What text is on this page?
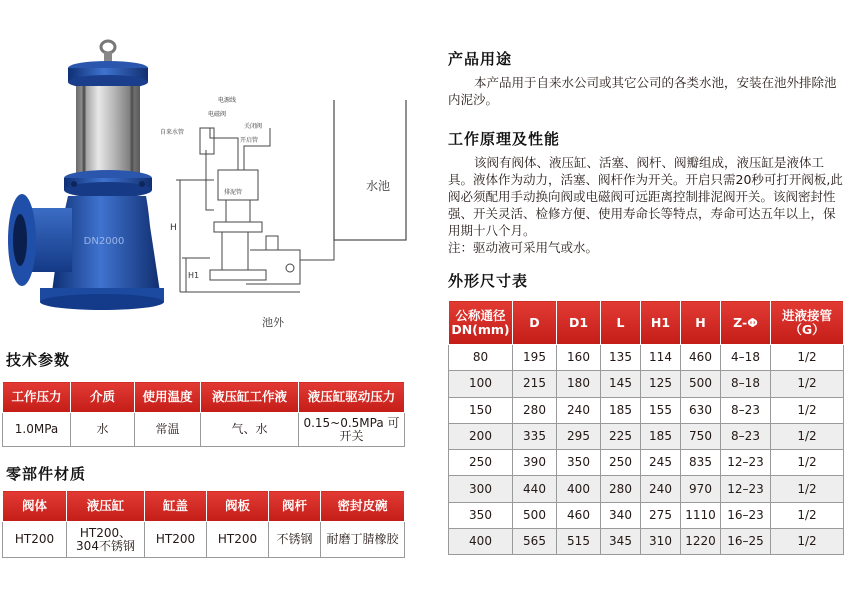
DN2000
电源线
电磁阀
关闭阀
自来水管
开启管
排泥管	水池
池外
H
H1
产品用途

本产品用于自来水公司或其它公司的各类水池，安装在池外排除池内泥沙。

工作原理及性能

该阀有阀体、液压缸、活塞、阀杆、阀瓣组成，液压缸是液体工具。液体作为动力，活塞、阀杆作为开关。开启只需20秒可打开阀板,此阀必须配用手动换向阀或电磁阀可远距离控制排泥阀开关。该阀密封性强、开关灵活、检修方便、使用寿命长等特点，寿命可达五年以上，保用期十八个月。

注：驱动液可采用气或水。
外形尺寸表
技术参数
工作压力	介质	使用温度	液压缸工作液	液压缸驱动压力
1.0MPa	水	常温	气、水	0.15~0.5MPa 可开关
零部件材质
阀体	液压缸	缸盖	阀板	阀杆	密封皮碗
HT200	HT200、304不锈钢	HT200	HT200	不锈钢	耐磨丁腈橡胶
公称通径DN(mm)	D	D1	L	H1	H	Z-Φ	进液接管（G）
80	195	160	135	114	460	4–18	1/2
100	215	180	145	125	500	8–18	1/2
150	280	240	185	155	630	8–23	1/2
200	335	295	225	185	750	8–23	1/2
250	390	350	250	245	835	12–23	1/2
300	440	400	280	240	970	12–23	1/2
350	500	460	340	275	1110	16–23	1/2
400	565	515	345	310	1220	16–25	1/2
